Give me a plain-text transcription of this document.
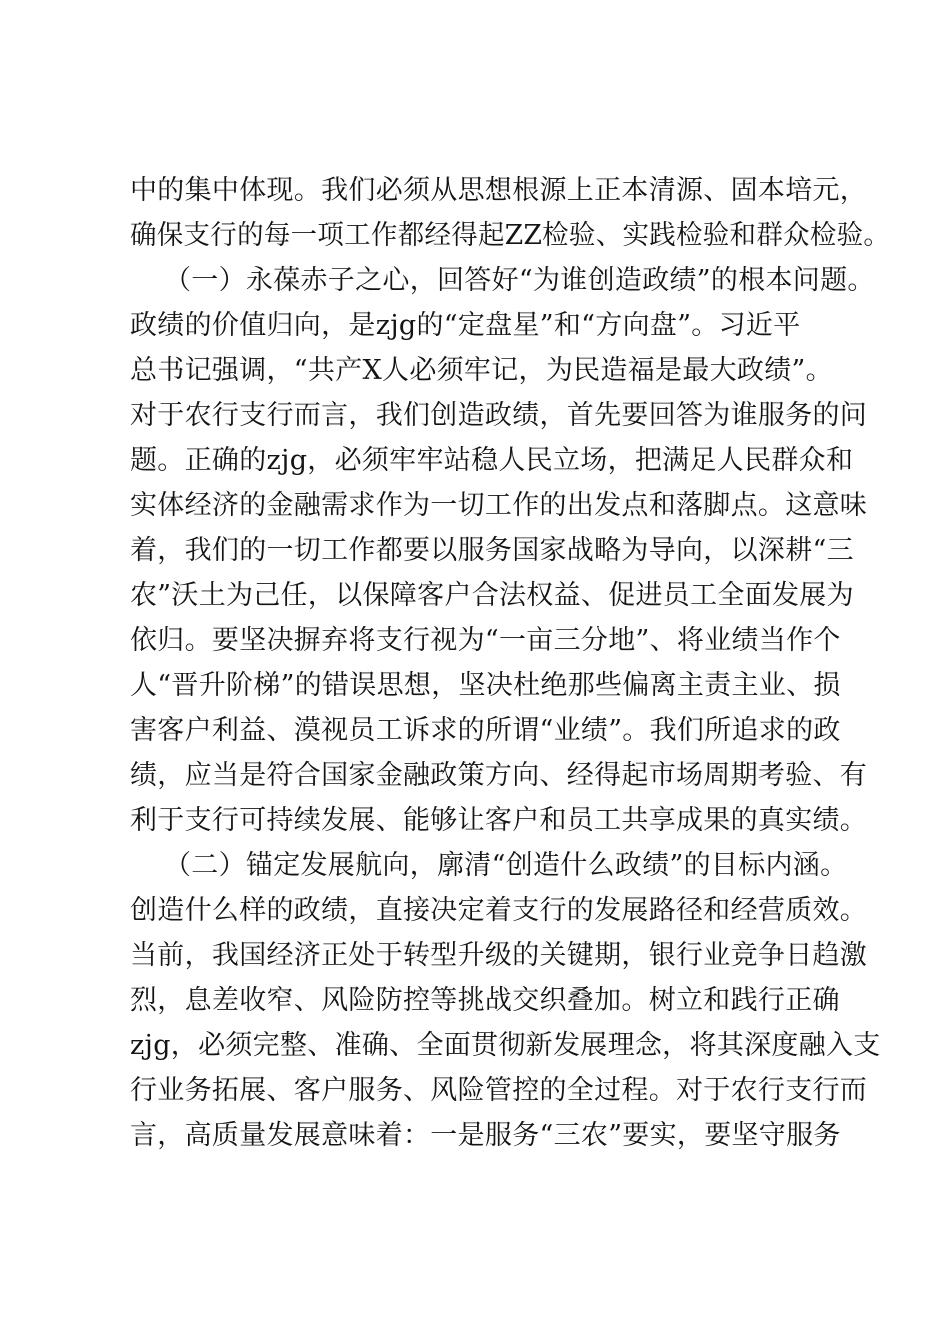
中的集中体现。我们必须从思想根源上正本清源、固本培元，
确保支行的每一项工作都经得起ZZ检验、实践检验和群众检验。
（一）永葆赤子之心，回答好“为谁创造政绩”的根本问题。
政绩的价值归向，是zjg的“定盘星”和“方向盘”。习近平
总书记强调，“共产X人必须牢记，为民造福是最大政绩”。
对于农行支行而言，我们创造政绩，首先要回答为谁服务的问
题。正确的zjg，必须牢牢站稳人民立场，把满足人民群众和
实体经济的金融需求作为一切工作的出发点和落脚点。这意味
着，我们的一切工作都要以服务国家战略为导向，以深耕“三
农”沃土为己任，以保障客户合法权益、促进员工全面发展为
依归。要坚决摒弃将支行视为“一亩三分地”、将业绩当作个
人“晋升阶梯”的错误思想，坚决杜绝那些偏离主责主业、损
害客户利益、漠视员工诉求的所谓“业绩”。我们所追求的政
绩，应当是符合国家金融政策方向、经得起市场周期考验、有
利于支行可持续发展、能够让客户和员工共享成果的真实绩。
（二）锚定发展航向，廓清“创造什么政绩”的目标内涵。
创造什么样的政绩，直接决定着支行的发展路径和经营质效。
当前，我国经济正处于转型升级的关键期，银行业竞争日趋激
烈，息差收窄、风险防控等挑战交织叠加。树立和践行正确
zjg，必须完整、准确、全面贯彻新发展理念，将其深度融入支
行业务拓展、客户服务、风险管控的全过程。对于农行支行而
言，高质量发展意味着：一是服务“三农”要实，要坚守服务
